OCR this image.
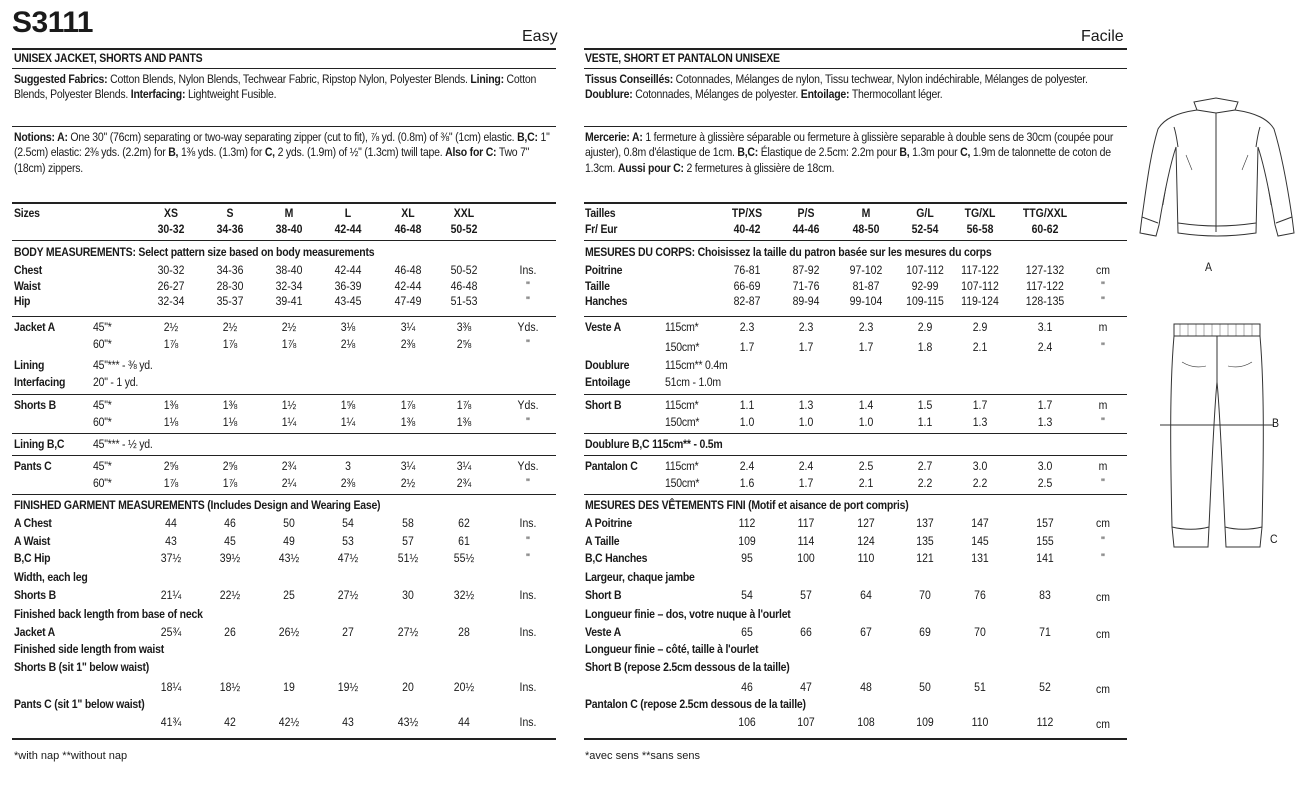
S3111	Easy	Facile
UNISEX JACKET, SHORTS AND PANTS
Suggested Fabrics: Cotton Blends, Nylon Blends, Techwear Fabric, Ripstop Nylon, Polyester Blends. Lining: Cotton Blends, Polyester Blends. Interfacing: Lightweight Fusible.
Notions: A: One 30" (76cm) separating or two-way separating zipper (cut to fit), ⅞ yd. (0.8m) of ⅜" (1cm) elastic. B,C: 1" (2.5cm) elastic: 2⅜ yds. (2.2m) for B, 1⅜ yds. (1.3m) for C, 2 yds. (1.9m) of ½" (1.3cm) twill tape. Also for C: Two 7" (18cm) zippers.
Sizes	XS	S	M	L	XL	XXL
30-32	34-36	38-40	42-44	46-48 50-52
BODY MEASUREMENTS: Select pattern size based on body measurements
Chest	30-32	34-36	38-40	42-44	46-48 50-52	Ins.
Waist	26-27	28-30	32-34	36-39	42-44 46-48	"
Hip	32-34	35-37	39-41	43-45	47-49 51-53	"
Jacket A	45"*	2½	2½	2½	3⅛	3¼	3⅜	Yds.
60"*	1⅞	1⅞	1⅞	2⅛	2⅜	2⅝	"
Lining	45"*** - ⅜ yd.
Interfacing 20" - 1 yd.
Shorts B	45"*	1⅜	1⅜	1½	1⅝	1⅞	1⅞	Yds.
60"*	1⅛	1⅛	1¼	1¼	1⅜	1⅜	"
Lining B,C 45"*** - ½ yd.
Pants C	45"*	2⅝	2⅝	2¾	3	3¼	3¼	Yds.
60"*	1⅞	1⅞	2¼	2⅜	2½	2¾	"
FINISHED GARMENT MEASUREMENTS (Includes Design and Wearing Ease)
A Chest	44	46	50	54	58	62	Ins.
A Waist	43	45	49	53	57	61	"
B,C Hip	37½	39½	43½	47½	51½	55½	"
Width, each leg
Shorts B	21¼	22½	25	27½	30	32½	Ins.
Finished back length from base of neck
Jacket A	25¾	26	26½	27	27½	28	Ins.
Finished side length from waist
Shorts B (sit 1" below waist)
18¼	18½	19	19½	20	20½	Ins.
Pants C (sit 1" below waist)
41¾	42	42½	43	43½	44	Ins.
*with nap **without nap
VESTE, SHORT ET PANTALON UNISEXE
Tissus Conseillés: Cotonnades, Mélanges de nylon, Tissu techwear, Nylon indéchirable, Mélanges de polyester. Doublure: Cotonnades, Mélanges de polyester. Entoilage: Thermocollant léger.
Mercerie: A: 1 fermeture à glissière séparable ou fermeture à glissière separable à double sens de 30cm (coupée pour ajuster), 0.8m d'élastique de 1cm. B,C: Élastique de 2.5cm: 2.2m pour B, 1.3m pour C, 1.9m de talonnette de coton de 1.3cm. Aussi pour C: 2 fermetures à glissière de 18cm.
Tailles
Fr/ Eur
TP/XS	P/S	M	G/L	TG/XL TTG/XXL
40-42	44-46	48-50	52-54 56-58	60-62
MESURES DU CORPS: Choisissez la taille du patron basée sur les mesures du corps
Poitrine	76-81	87-92 97-102 107-112 117-122 127-132	cm
Taille	66-69	71-76	81-87	92-99 107-112 117-122	"
Hanches	82-87	89-94 99-104 109-115 119-124 128-135	"
Veste A	115cm*	2.3	2.3	2.3	2.9	2.9	3.1	m
150cm*	1.7	1.7	1.7	1.8	2.1	2.4	"
Doublure	115cm** 0.4m
Entoilage	51cm - 1.0m
Short B	115cm*	1.1	1.3	1.4	1.5	1.7	1.7	m
150cm*	1.0	1.0	1.0	1.1	1.3	1.3	"
Doublure B,C 115cm** - 0.5m
Pantalon C 115cm*	2.4	2.4	2.5	2.7	3.0	3.0	m
150cm*	1.6	1.7	2.1	2.2	2.2	2.5	"
MESURES DES VÊTEMENTS FINI (Motif et aisance de port compris)
A Poitrine	112	117	127	137	147	157	cm
A Taille	109	114	124	135	145	155	"
B,C Hanches	95	100	110	121	131	141	"
Largeur, chaque jambe
Short B	54	57	64	70	76	83	cm
Longueur finie – dos, votre nuque à l'ourlet
Veste A	65	66	67	69	70	71	cm
Longueur finie – côté, taille à l'ourlet
Short B (repose 2.5cm dessous de la taille)
46	47	48	50	51	52	cm
Pantalon C (repose 2.5cm dessous de la taille)
106	107	108	109	110	112	cm
*avec sens **sans sens
A
B
C
